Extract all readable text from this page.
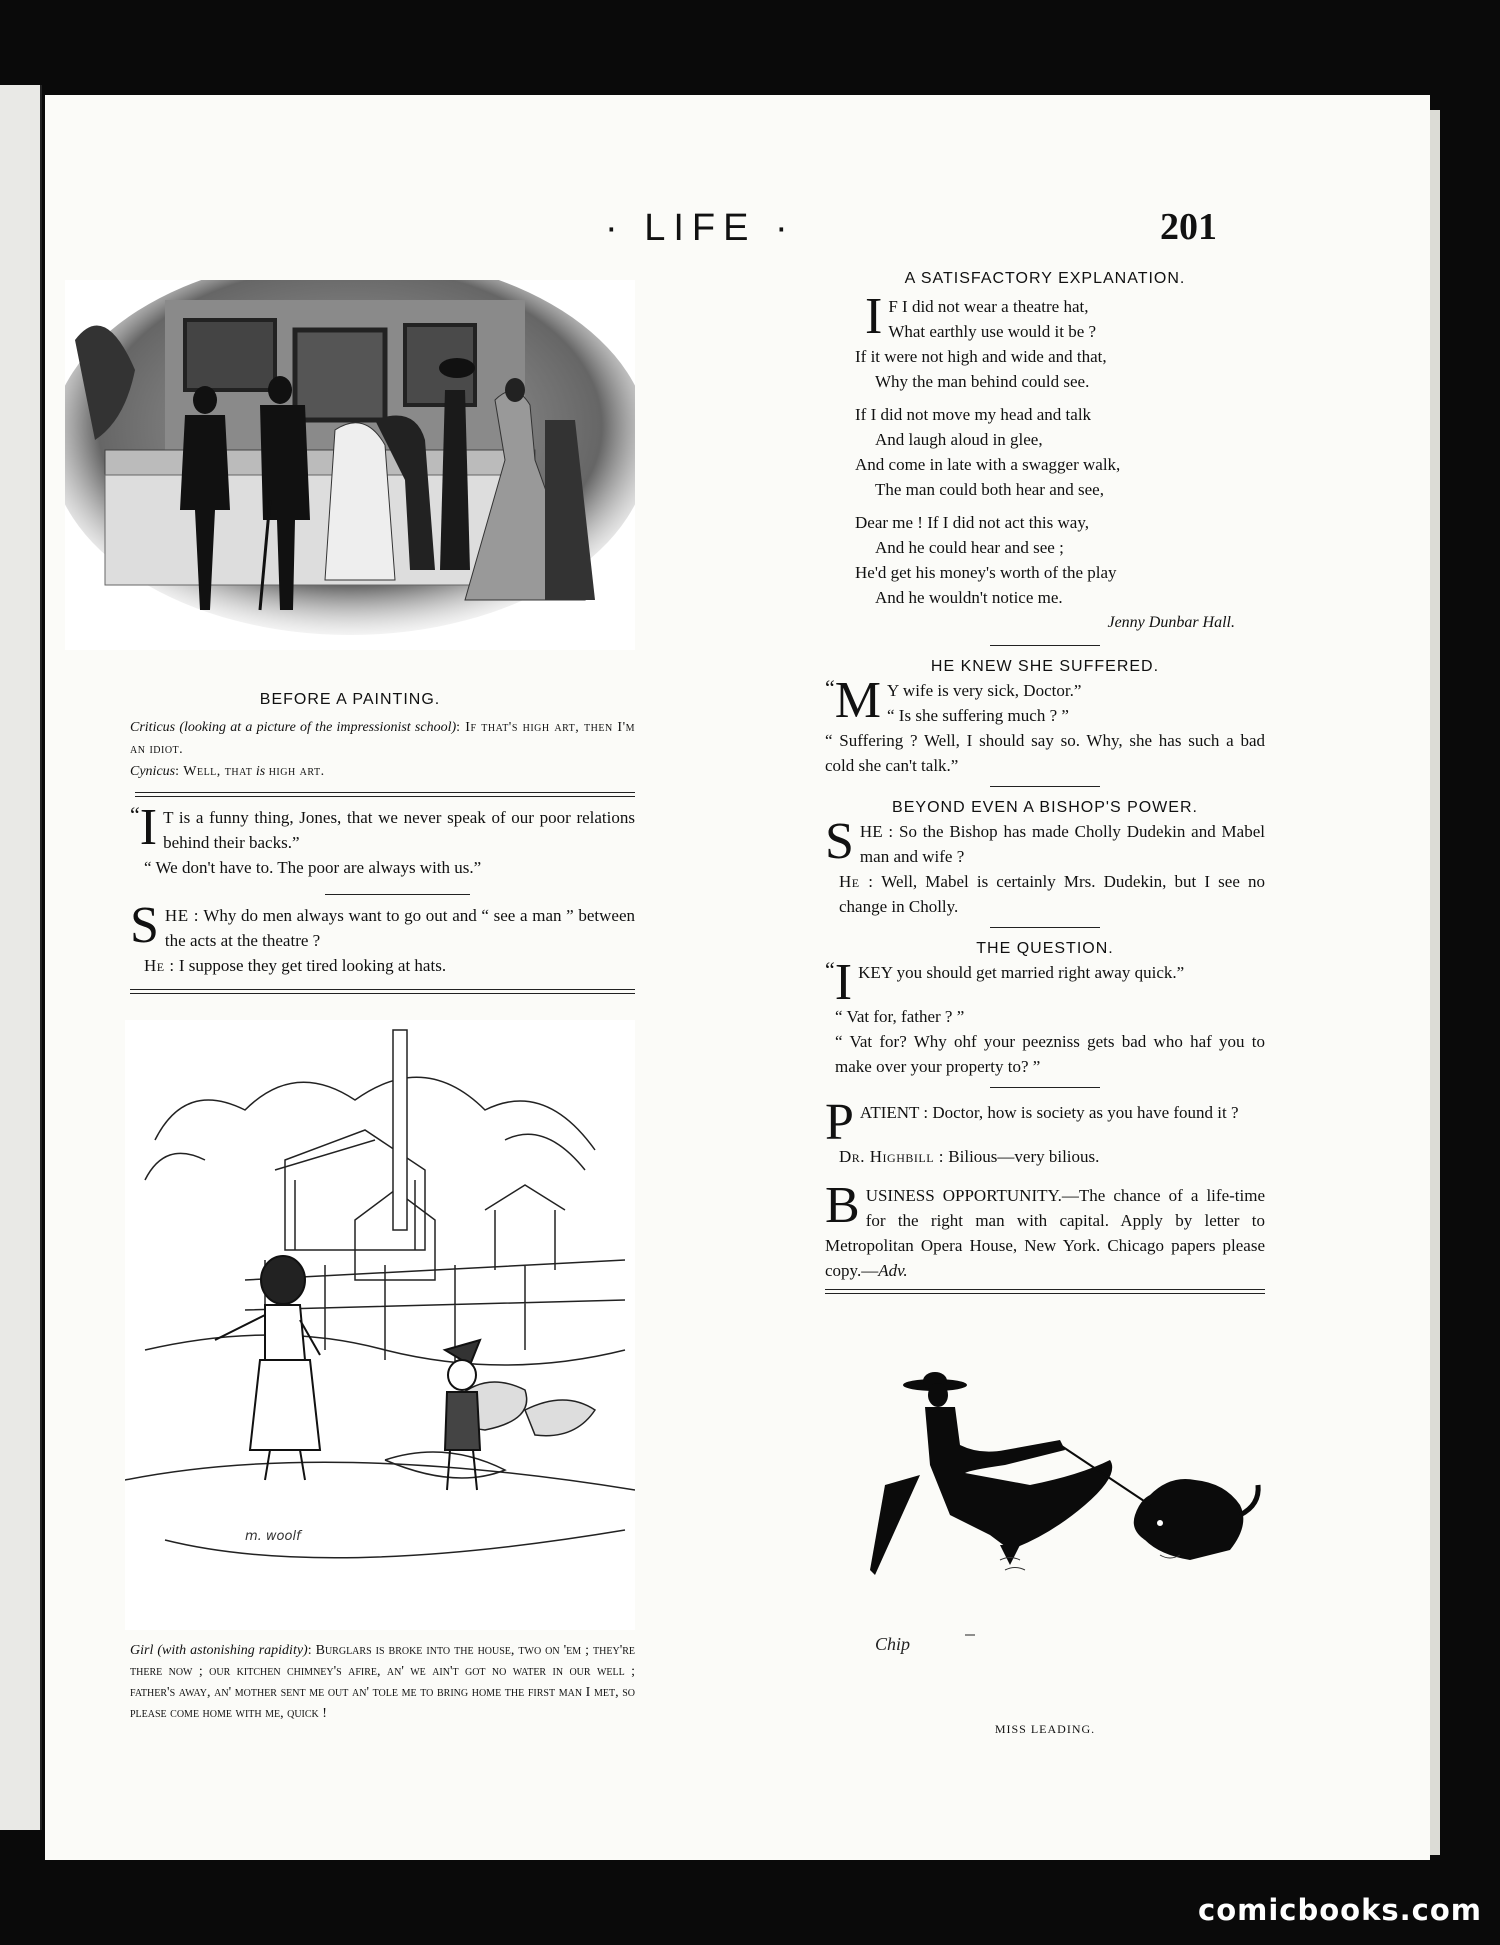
· LIFE ·	201
BEFORE A PAINTING.
Criticus (looking at a picture of the impressionist school): If that's high art, then I'm an idiot.
Cynicus: Well, that is high art.
“ I T is a funny thing, Jones, that we never speak of our poor relations behind their backs.”
“ We don't have to. The poor are always with us.”
S HE : Why do men always want to go out and “ see a man ” between the acts at the theatre ?
He : I suppose they get tired looking at hats.
m. woolf
Girl (with astonishing rapidity): Burglars is broke into the house, two on 'em ; they're there now ; our kitchen chimney's afire, an' we ain't got no water in our well ; father's away, an' mother sent me out an' tole me to bring home the first man I met, so please come home with me, quick !
A SATISFACTORY EXPLANATION.
I F I did not wear a theatre hat,
What earthly use would it be ?
If it were not high and wide and that,
Why the man behind could see.
If I did not move my head and talk
And laugh aloud in glee,
And come in late with a swagger walk,
The man could both hear and see,
Dear me ! If I did not act this way,
And he could hear and see ;
He'd get his money's worth of the play
And he wouldn't notice me.
Jenny Dunbar Hall.
HE KNEW SHE SUFFERED.
“ M Y wife is very sick, Doctor.”
“ Is she suffering much ? ”
“ Suffering ? Well, I should say so. Why, she has such a bad cold she can't talk.”
BEYOND EVEN A BISHOP'S POWER.
S HE : So the Bishop has made Cholly Dudekin and Mabel man and wife ?
He : Well, Mabel is certainly Mrs. Dudekin, but I see no change in Cholly.
THE QUESTION.
“ I KEY you should get married right away quick.”
“ Vat for, father ? ”
“ Vat for? Why ohf your peezniss gets bad who haf you to make over your property to? ”
P ATIENT : Doctor, how is society as you have found it ?
Dr. Highbill : Bilious—very bilious.
B USINESS OPPORTUNITY.—The chance of a life-time for the right man with capital. Apply by letter to Metropolitan Opera House, New York. Chicago papers please copy.—Adv.
Chip
MISS LEADING.
comicbooks.com
